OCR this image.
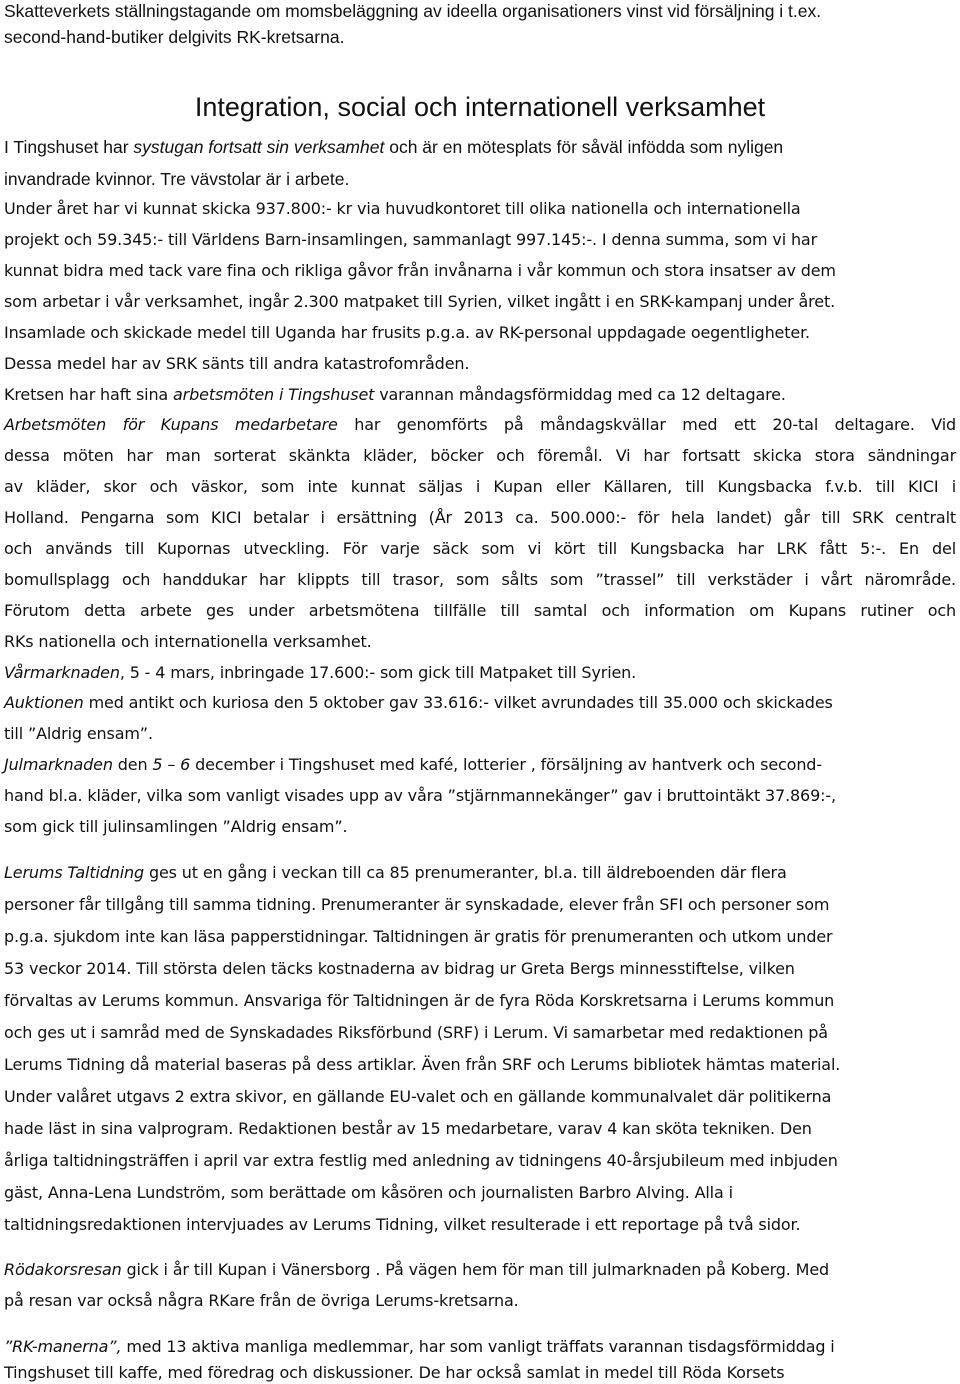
Skatteverkets ställningstagande om momsbeläggning av ideella organisationers vinst vid försäljning i t.ex.
second-hand-butiker delgivits RK-kretsarna.
Integration, social och internationell verksamhet
I Tingshuset har systugan fortsatt sin verksamhet och är en mötesplats för såväl infödda som nyligen
invandrade kvinnor. Tre vävstolar är i arbete.
Under året har vi kunnat skicka 937.800:- kr via huvudkontoret till olika nationella och internationella
projekt och 59.345:- till Världens Barn-insamlingen, sammanlagt 997.145:-. I denna summa, som vi har
kunnat bidra med tack vare fina och rikliga gåvor från invånarna i vår kommun och stora insatser av dem
som arbetar i vår verksamhet, ingår 2.300 matpaket till Syrien, vilket ingått i en SRK-kampanj under året.
Insamlade och skickade medel till Uganda har frusits p.g.a. av RK-personal uppdagade oegentligheter.
Dessa medel har av SRK sänts till andra katastrofområden.
Kretsen har haft sina arbetsmöten i Tingshuset varannan måndagsförmiddag med ca 12 deltagare.
Arbetsmöten för Kupans medarbetare har genomförts på måndagskvällar med ett 20-tal deltagare. Vid
dessa möten har man sorterat skänkta kläder, böcker och föremål. Vi har fortsatt skicka stora sändningar
av kläder, skor och väskor, som inte kunnat säljas i Kupan eller Källaren, till Kungsbacka f.v.b. till KICI i
Holland. Pengarna som KICI betalar i ersättning (År 2013 ca. 500.000:- för hela landet) går till SRK centralt
och används till Kupornas utveckling. För varje säck som vi kört till Kungsbacka har LRK fått 5:-. En del
bomullsplagg och handdukar har klippts till trasor, som sålts som ”trassel” till verkstäder i vårt närområde.
Förutom detta arbete ges under arbetsmötena tillfälle till samtal och information om Kupans rutiner och
RKs nationella och internationella verksamhet.
Vårmarknaden, 5 - 4 mars, inbringade 17.600:- som gick till Matpaket till Syrien.
Auktionen med antikt och kuriosa den 5 oktober gav 33.616:- vilket avrundades till 35.000 och skickades
till ”Aldrig ensam”.
Julmarknaden den 5 – 6 december i Tingshuset med kafé, lotterier , försäljning av hantverk och second-
hand bl.a. kläder, vilka som vanligt visades upp av våra ”stjärnmannekänger” gav i bruttointäkt 37.869:-,
som gick till julinsamlingen ”Aldrig ensam”.
Lerums Taltidning ges ut en gång i veckan till ca 85 prenumeranter, bl.a. till äldreboenden där flera
personer får tillgång till samma tidning. Prenumeranter är synskadade, elever från SFI och personer som
p.g.a. sjukdom inte kan läsa papperstidningar. Taltidningen är gratis för prenumeranten och utkom under
53 veckor 2014. Till största delen täcks kostnaderna av bidrag ur Greta Bergs minnesstiftelse, vilken
förvaltas av Lerums kommun. Ansvariga för Taltidningen är de fyra Röda Korskretsarna i Lerums kommun
och ges ut i samråd med de Synskadades Riksförbund (SRF) i Lerum. Vi samarbetar med redaktionen på
Lerums Tidning då material baseras på dess artiklar. Även från SRF och Lerums bibliotek hämtas material.
Under valåret utgavs 2 extra skivor, en gällande EU-valet och en gällande kommunalvalet där politikerna
hade läst in sina valprogram. Redaktionen består av 15 medarbetare, varav 4 kan sköta tekniken. Den
årliga taltidningsträffen i april var extra festlig med anledning av tidningens 40-årsjubileum med inbjuden
gäst, Anna-Lena Lundström, som berättade om kåsören och journalisten Barbro Alving. Alla i
taltidningsredaktionen intervjuades av Lerums Tidning, vilket resulterade i ett reportage på två sidor.
Rödakorsresan gick i år till Kupan i Vänersborg . På vägen hem för man till julmarknaden på Koberg. Med
på resan var också några RKare från de övriga Lerums-kretsarna.
”RK-manerna”, med 13 aktiva manliga medlemmar, har som vanligt träffats varannan tisdagsförmiddag i
Tingshuset till kaffe, med föredrag och diskussioner. De har också samlat in medel till Röda Korsets
